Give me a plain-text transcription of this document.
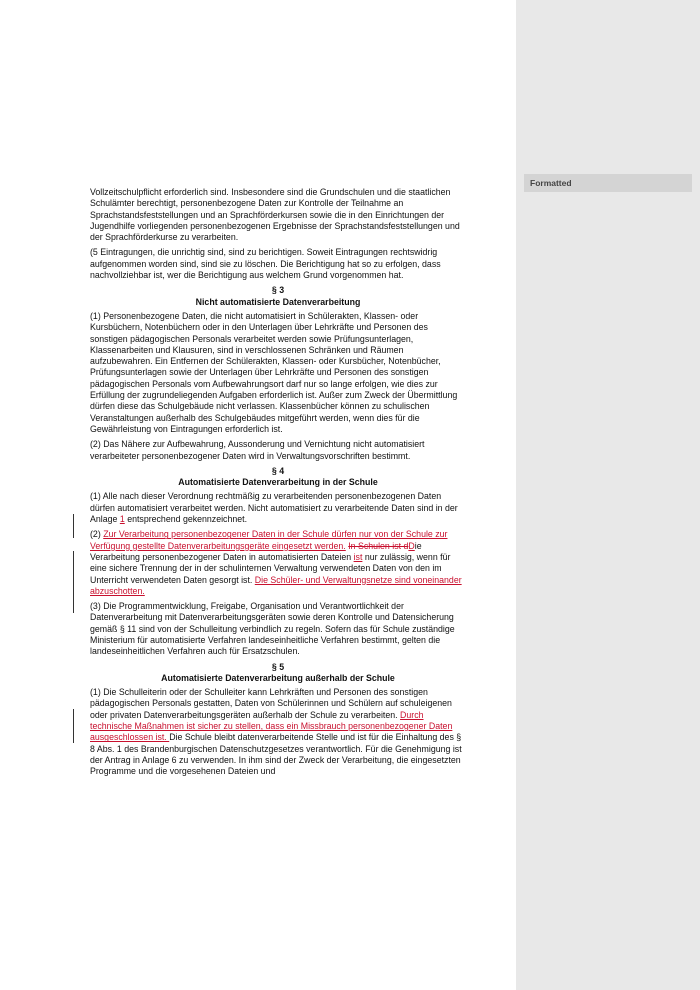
Formatted

Vollzeitschulpflicht erforderlich sind. Insbesondere sind die Grundschulen und die staatlichen Schulämter berechtigt, personenbezogene Daten zur Kontrolle der Teilnahme an Sprachstandsfeststellungen und an Sprachförderkursen sowie die in den Einrichtungen der Jugendhilfe vorliegenden personenbezogenen Ergebnisse der Sprachstandsfeststellungen und der Sprachförderkurse zu verarbeiten.

(5 Eintragungen, die unrichtig sind, sind zu berichtigen. Soweit Eintragungen rechtswidrig aufgenommen worden sind, sind sie zu löschen. Die Berichtigung hat so zu erfolgen, dass nachvollziehbar ist, wer die Berichtigung aus welchem Grund vorgenommen hat.

§ 3
Nicht automatisierte Datenverarbeitung

(1) Personenbezogene Daten, die nicht automatisiert in Schülerakten, Klassen- oder Kursbüchern, Notenbüchern oder in den Unterlagen über Lehrkräfte und Personen des sonstigen pädagogischen Personals verarbeitet werden sowie Prüfungsunterlagen, Klassenarbeiten und Klausuren, sind in verschlossenen Schränken und Räumen aufzubewahren. Ein Entfernen der Schülerakten, Klassen- oder Kursbücher, Notenbücher, Prüfungsunterlagen sowie der Unterlagen über Lehrkräfte und Personen des sonstigen pädagogischen Personals vom Aufbewahrungsort darf nur so lange erfolgen, wie dies zur Erfüllung der zugrundeliegenden Aufgaben erforderlich ist. Außer zum Zweck der Übermittlung dürfen diese das Schulgebäude nicht verlassen. Klassenbücher können zu schulischen Veranstaltungen außerhalb des Schulgebäudes mitgeführt werden, wenn dies für die Gewährleistung von Eintragungen erforderlich ist.

(2) Das Nähere zur Aufbewahrung, Aussonderung und Vernichtung nicht automatisiert verarbeiteter personenbezogener Daten wird in Verwaltungsvorschriften bestimmt.

§ 4
Automatisierte Datenverarbeitung in der Schule

(1) Alle nach dieser Verordnung rechtmäßig zu verarbeitenden personenbezogenen Daten dürfen automatisiert verarbeitet werden. Nicht automatisiert zu verarbeitende Daten sind in der Anlage 1 entsprechend gekennzeichnet.

(2) Zur Verarbeitung personenbezogener Daten in der Schule dürfen nur von der Schule zur Verfügung gestellte Datenverarbeitungsgeräte eingesetzt werden. In Schulen ist dDie Verarbeitung personenbezogener Daten in automatisierten Dateien ist nur zulässig, wenn für eine sichere Trennung der in der schulinternen Verwaltung verwendeten Daten von den im Unterricht verwendeten Daten gesorgt ist. Die Schüler- und Verwaltungsnetze sind voneinander abzuschotten.

(3) Die Programmentwicklung, Freigabe, Organisation und Verantwortlichkeit der Datenverarbeitung mit Datenverarbeitungsgeräten sowie deren Kontrolle und Datensicherung gemäß § 11 sind von der Schulleitung verbindlich zu regeln. Sofern das für Schule zuständige Ministerium für automatisierte Verfahren landeseinheitliche Verfahren bestimmt, gelten die landeseinheitlichen Verfahren auch für Ersatzschulen.

§ 5
Automatisierte Datenverarbeitung außerhalb der Schule

(1) Die Schulleiterin oder der Schulleiter kann Lehrkräften und Personen des sonstigen pädagogischen Personals gestatten, Daten von Schülerinnen und Schülern auf schuleigenen oder privaten Datenverarbeitungsgeräten außerhalb der Schule zu verarbeiten. Durch technische Maßnahmen ist sicher zu stellen, dass ein Missbrauch personenbezogener Daten ausgeschlossen ist. Die Schule bleibt datenverarbeitende Stelle und ist für die Einhaltung des § 8 Abs. 1 des Brandenburgischen Datenschutzgesetzes verantwortlich. Für die Genehmigung ist der Antrag in Anlage 6 zu verwenden. In ihm sind der Zweck der Verarbeitung, die eingesetzten Programme und die vorgesehenen Dateien und
